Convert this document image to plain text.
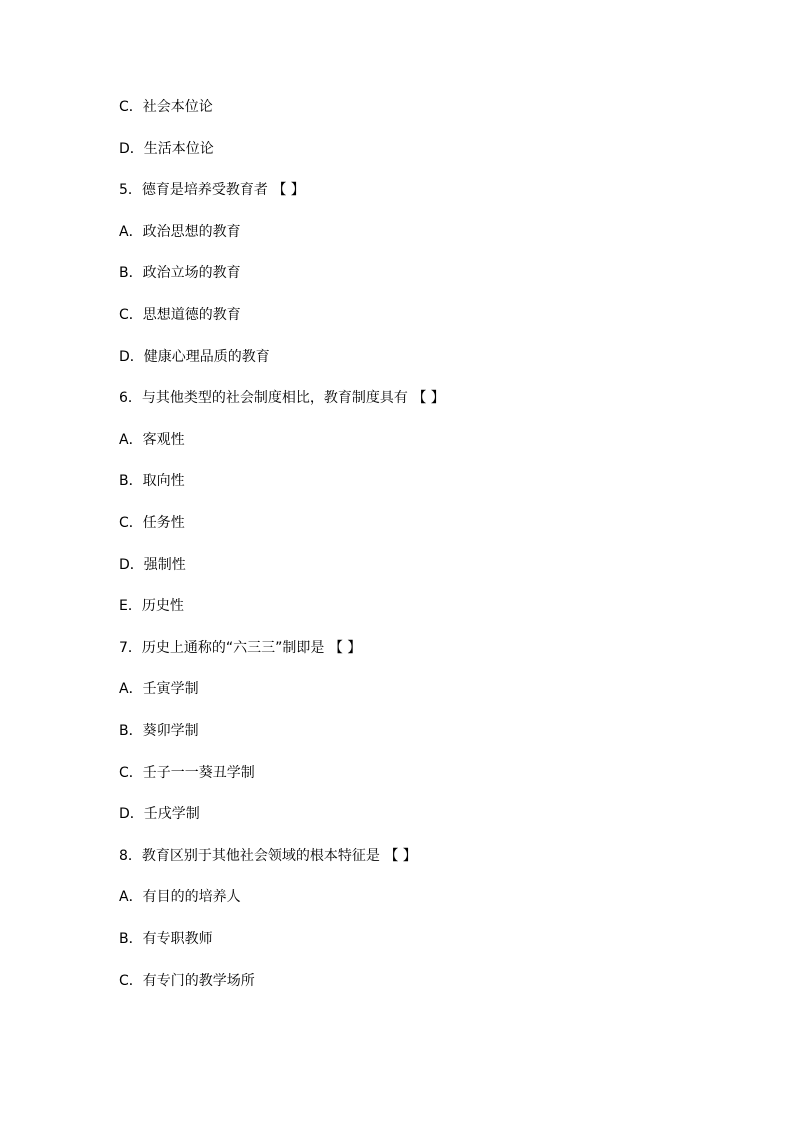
C．社会本位论
D．生活本位论
5．德育是培养受教育者 【 】
A．政治思想的教育
B．政治立场的教育
C．思想道德的教育
D．健康心理品质的教育
6．与其他类型的社会制度相比，教育制度具有 【 】
A．客观性
B．取向性
C．任务性
D．强制性
E．历史性
7．历史上通称的“六三三”制即是 【 】
A．壬寅学制
B．葵卯学制
C．壬子一一葵丑学制
D．壬戌学制
8．教育区别于其他社会领域的根本特征是 【 】
A．有目的的培养人
B．有专职教师
C．有专门的教学场所
